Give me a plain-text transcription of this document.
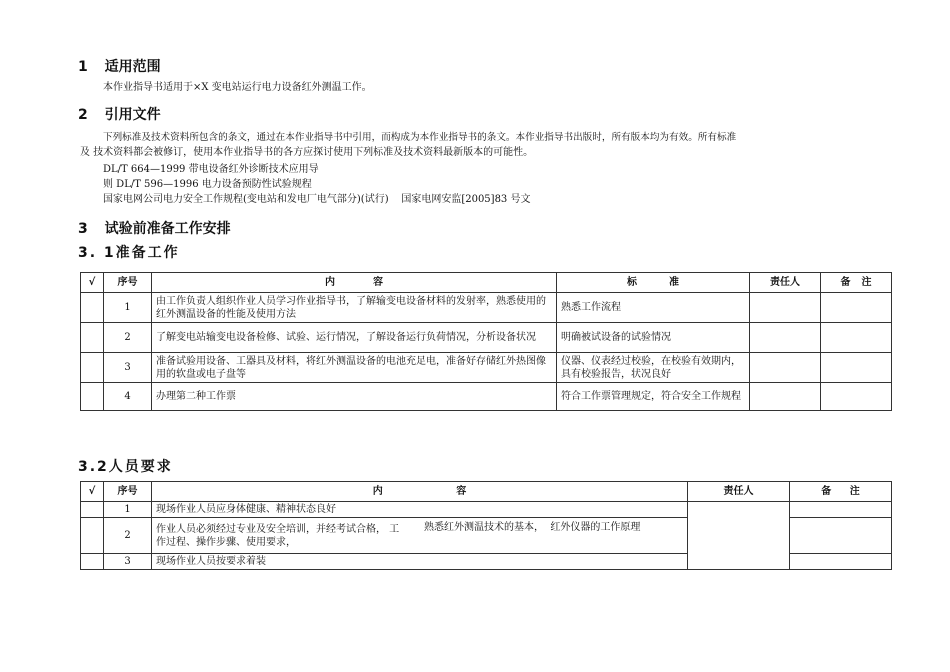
1 适用范围
本作业指导书适用于×X 变电站运行电力设备红外测温工作。
2 引用文件
下列标准及技术资料所包含的条文，通过在本作业指导书中引用，而构成为本作业指导书的条文。本作业指导书出版时，所有版本均为有效。所有标准
及 技术资料都会被修订，使用本作业指导书的各方应探讨使用下列标准及技术资料最新版本的可能性。
DL/T 664—1999 带电设备红外诊断技术应用导
则 DL/T 596—1996 电力设备预防性试验规程
国家电网公司电力安全工作规程(变电站和发电厂电气部分)(试行)    国家电网安监[2005]83 号文
3 试验前准备工作安排
3. 1准备工作
√	序号	内 容	标 准	责任人	备 注

	1	由工作负责人组织作业人员学习作业指导书，了解输变电设备材料的发射率，熟悉使用的红外测温设备的性能及使用方法	熟悉工作流程		
	2	了解变电站输变电设备检修、试验、运行情况，了解设备运行负荷情况，分析设备状况	明确被试设备的试验情况		
	3	准备试验用设备、工器具及材料，将红外测温设备的电池充足电，准备好存储红外热图像用的软盘或电子盘等	仪器、仪表经过校验，在校验有效期内，具有校验报告，状况良好		
	4	办理第二种工作票	符合工作票管理规定，符合安全工作规程		
3.2人员要求
√	序号	内 容	责任人	备 注

	1	现场作业人员应身体健康、精神状态良好		
	2	作业人员必须经过专业及安全培训，并经考试合格， 工作过程、操作步骤、使用要求，
熟悉红外测温技术的基本，  红外仪器的工作原理		

	3	现场作业人员按要求着装		
